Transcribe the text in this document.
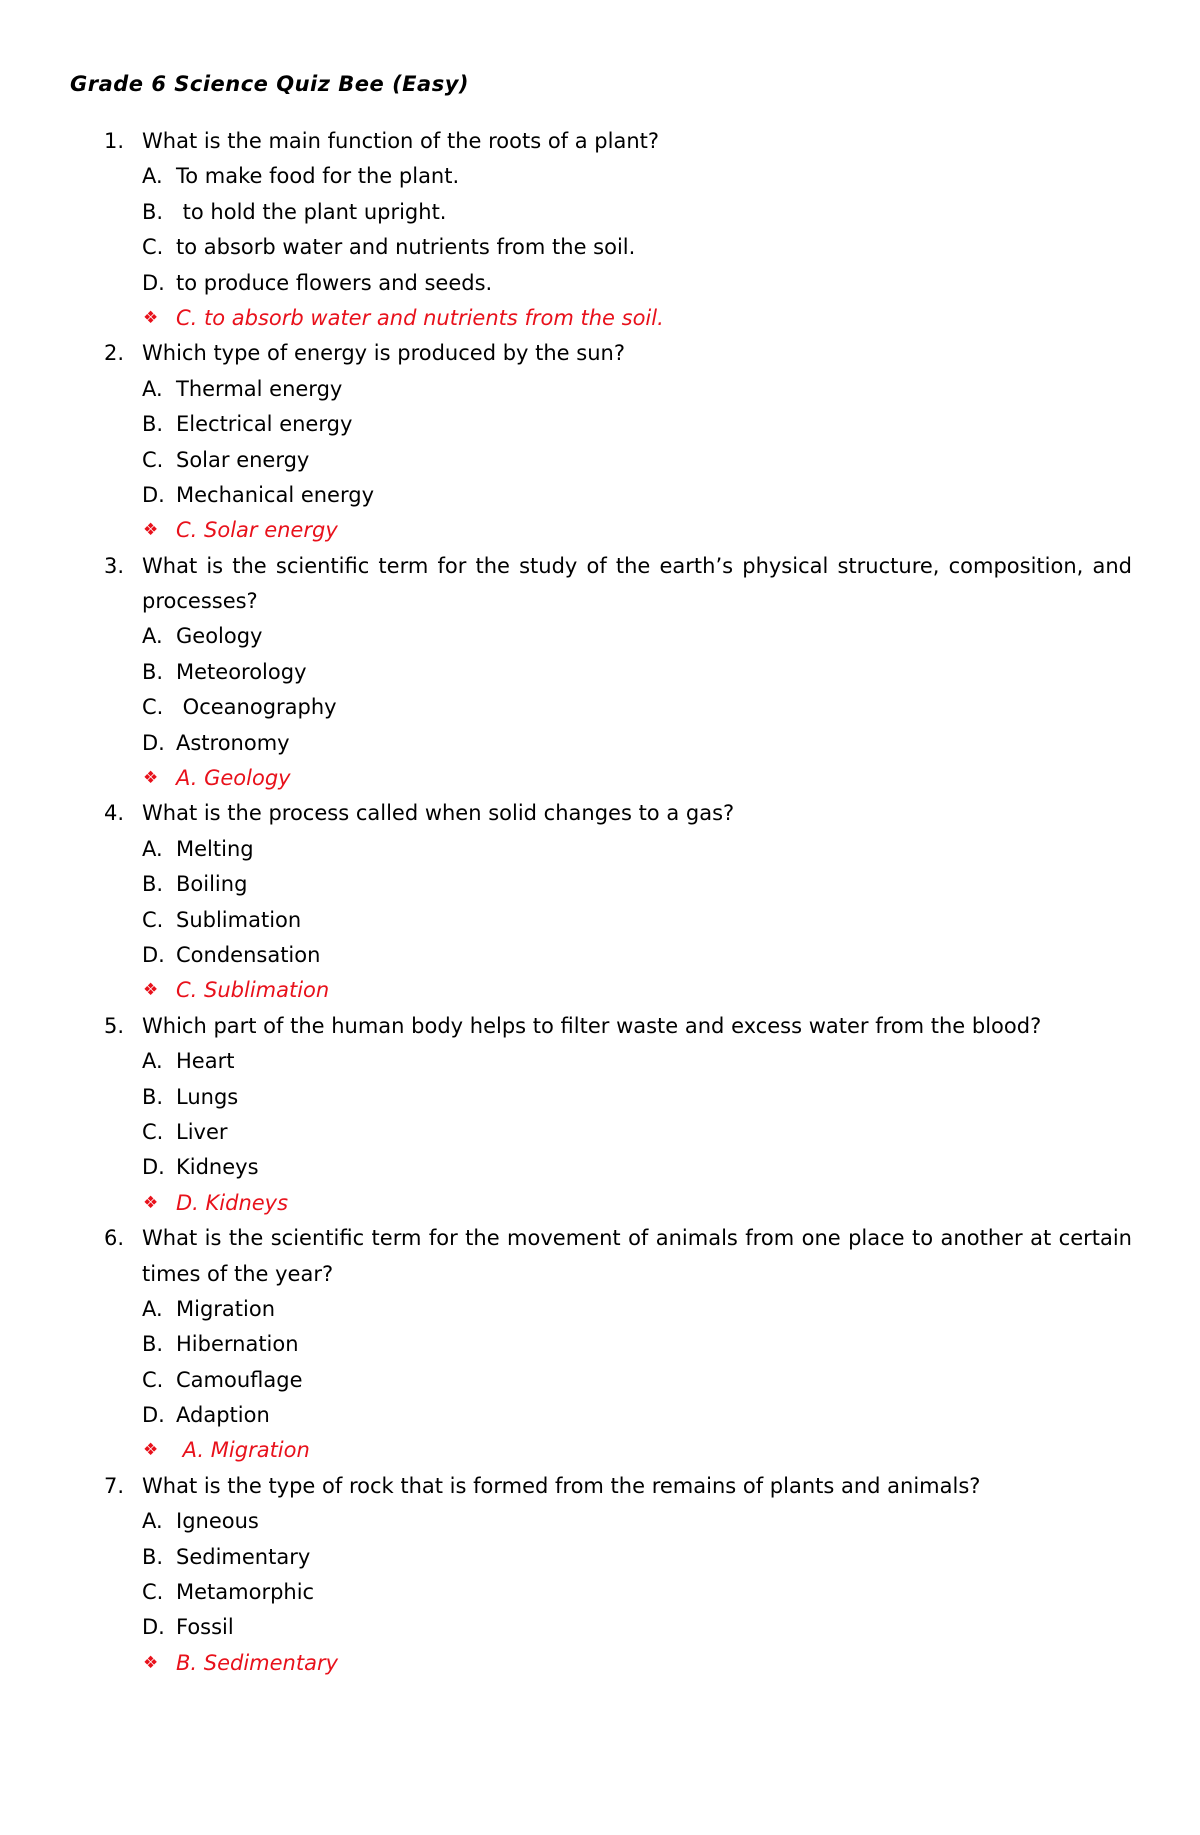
Grade 6 Science Quiz Bee (Easy)
1. What is the main function of the roots of a plant?
A. To make food for the plant.
B. to hold the plant upright.
C. to absorb water and nutrients from the soil.
D. to produce flowers and seeds.
❖ C. to absorb water and nutrients from the soil.
2. Which type of energy is produced by the sun?
A. Thermal energy
B. Electrical energy
C. Solar energy
D. Mechanical energy
❖ C. Solar energy
3. What is the scientific term for the study of the earth’s physical structure, composition, and processes?
A. Geology
B. Meteorology
C. Oceanography
D. Astronomy
❖ A. Geology
4. What is the process called when solid changes to a gas?
A. Melting
B. Boiling
C. Sublimation
D. Condensation
❖ C. Sublimation
5. Which part of the human body helps to filter waste and excess water from the blood?
A. Heart
B. Lungs
C. Liver
D. Kidneys
❖ D. Kidneys
6. What is the scientific term for the movement of animals from one place to another at certain times of the year?
A. Migration
B. Hibernation
C. Camouflage
D. Adaption
❖ A. Migration
7. What is the type of rock that is formed from the remains of plants and animals?
A. Igneous
B. Sedimentary
C. Metamorphic
D. Fossil
❖ B. Sedimentary
